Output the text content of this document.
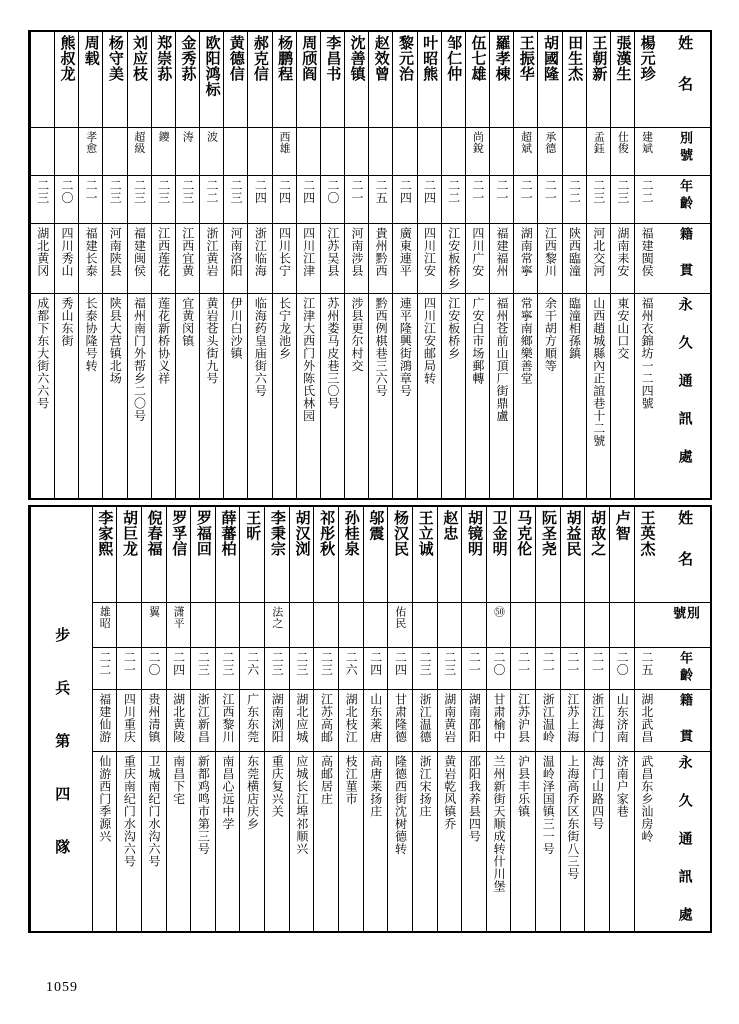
姓 名
別號
年齡
籍 貫
永 久 通 訊 處
楊元珍
建斌
二二
福建閩侯
福州衣錦坊一二四號
張漢生
仕俊
二三
湖南耒安
東安山口交
王朝新
孟鈺
二三
河北交河
山西趙城縣內正誼巷十二號
田生杰
二二
陝西臨潼
臨潼相孫鎮
胡國隆
承德
二一
江西黎川
余干胡方順等
王振华
超斌
二一
湖南常寧
常寧南鄉樂善堂
羅孝棟
二一
福建福州
福州苍前山頂厂街鼎盧
伍七雄
尚銳
二一
四川广安
广安白市场郵轉
邹仁仲
二二
江安板桥乡
江安板桥乡
叶昭熊
二四
四川江安
四川江安邮局转
黎元治
二四
廣東連平
連平隆興街鴻章号
赵效曾
二五
貴州黔西
黔西例棋巷三六号
沈善镇
二一
河南涉县
涉县更尔村交
李昌书
二〇
江苏吴县
苏州娄马皮巷三〇号
周颀阎
二四
四川江津
江津大西门外陈氏林园
杨鹏程
西雄
二四
四川长宁
长宁龙池乡
郝克信
二四
浙江临海
临海药皇庙街六号
黄德信
二三
河南洛阳
伊川白沙镇
欧阳鸿标
波
二二
浙江黄岩
黄岩苍头街九号
金秀荪
涛
二三
江西宜黄
宜黄闵镇
郑崇荪
鑁
二三
江西莲花
莲花新桥协义祥
刘应枝
超級
二三
福建闽侯
福州南门外帮乡二〇号
杨守美
二三
河南陕县
陕县大营镇北场
周载
孝愈
二一
福建长泰
长泰协隆号转
熊叔龙
二〇
四川秀山
秀山东街
二三
湖北黄冈
成都下东大街六六号
姓 名
別 號
年齡
籍 貫
永 久 通 訊 處
王英杰
二五
湖北武昌
武昌东乡汕房岭
卢智
二〇
山东济南
济南户家巷
胡敌之
二一
浙江海门
海门山路四号
胡益民
二一
江苏上海
上海高乔区东街八三号
阮圣尧
二一
浙江温岭
温岭泽国镇三一号
马克伦
二一
江苏沪县
沪县丰乐镇
卫金明
㊿
二〇
甘肃榆中
兰州新街天顺成转什川堡
胡镜明
二一
湖南邵阳
邵阳我养县四号
赵忠
二三
湖南黄岩
黄岩乾风镇乔
王立诚
二三
浙江温德
浙江宋扬庄
杨汉民
佑民
二四
甘肃隆德
隆德西街沈树德转
邬震
二四
山东莱唐
高唐莱扬庄
孙桂泉
二六
湖北枝江
枝江菫市
祁彤秋
二三
江苏高邮
高邮居庄
胡汉浏
二三
湖北应城
应城长江埠祁顺兴
李秉宗
法之
二三
湖南浏阳
重庆复兴关
王昕
二六
广东东莞
东莞横店庆乡
薛蕃柏
二三
江西黎川
南昌心远中学
罗福回
二三
浙江新昌
新都鸡鸣市第三号
罗孚信
潇平
二四
湖北黄陵
南昌下宅
倪春福
翼
二〇
贵州清镇
卫城南纪门水沟六号
胡巨龙
二一
四川重庆
重庆南纪门水沟六号
李家熙
雄昭
二二
福建仙游
仙游西门季源兴
步 兵 第 四 隊
1059
